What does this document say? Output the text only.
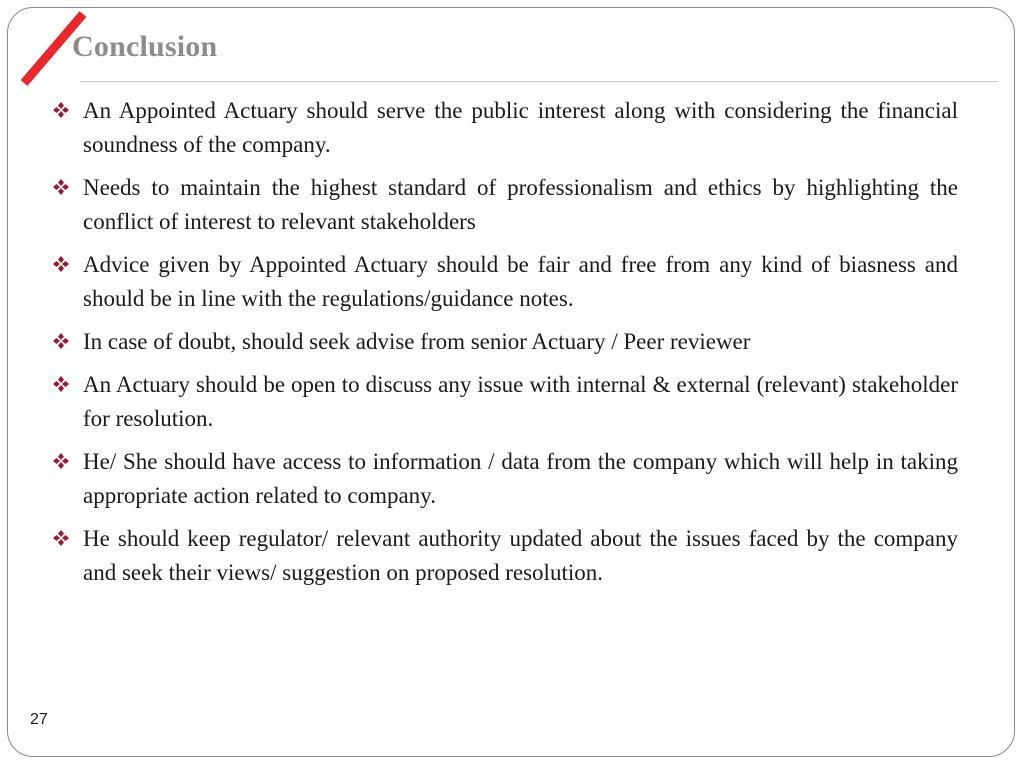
Conclusion
An Appointed Actuary should serve the public interest along with considering the financial soundness of the company.
Needs to maintain the highest standard of professionalism and ethics by highlighting the conflict of interest to relevant stakeholders
Advice given by Appointed Actuary should be fair and free from any kind of biasness and should be in line with the regulations/guidance notes.
In case of doubt, should seek advise from senior Actuary / Peer reviewer
An Actuary should be open to discuss any issue with internal & external (relevant) stakeholder for resolution.
He/ She should have access to information / data from the company which will help in taking appropriate action related to company.
He should keep regulator/ relevant authority updated about the issues faced by the company and seek their views/ suggestion on proposed resolution.
27
